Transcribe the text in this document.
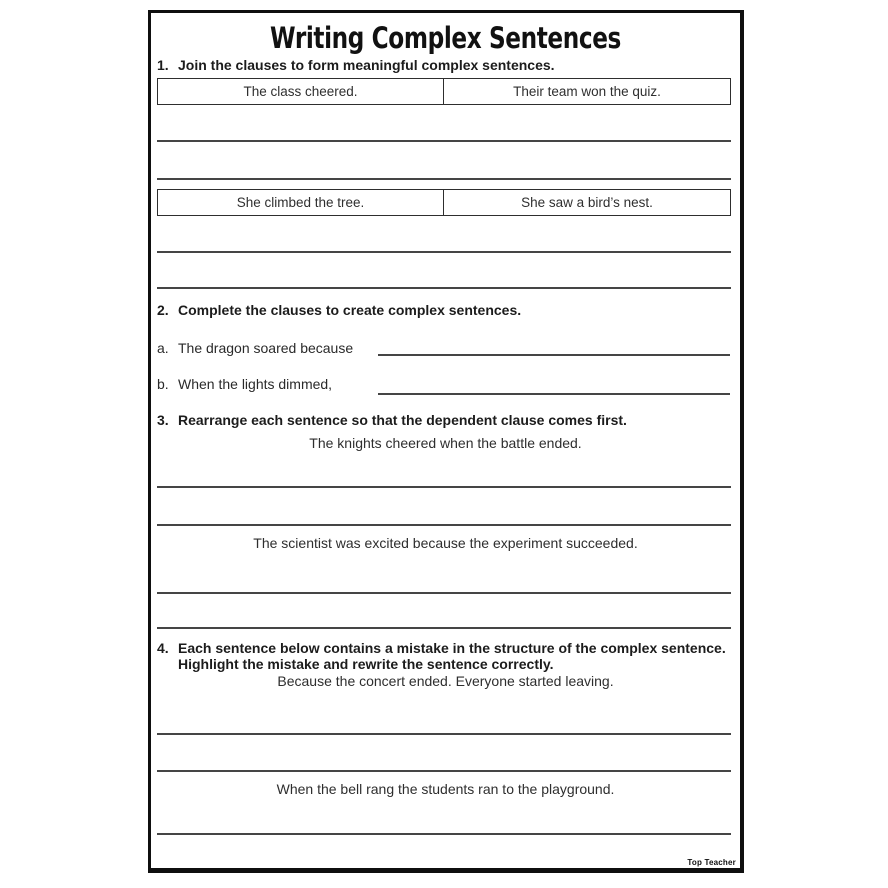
Writing Complex Sentences
1. Join the clauses to form meaningful complex sentences.
The class cheered.	Their team won the quiz.
She climbed the tree.	She saw a bird’s nest.
2. Complete the clauses to create complex sentences.
a. The dragon soared because
b. When the lights dimmed,
3. Rearrange each sentence so that the dependent clause comes first.
The knights cheered when the battle ended.
The scientist was excited because the experiment succeeded.
4. Each sentence below contains a mistake in the structure of the complex sentence. Highlight the mistake and rewrite the sentence correctly.
Because the concert ended. Everyone started leaving.
When the bell rang the students ran to the playground.
Top Teacher
